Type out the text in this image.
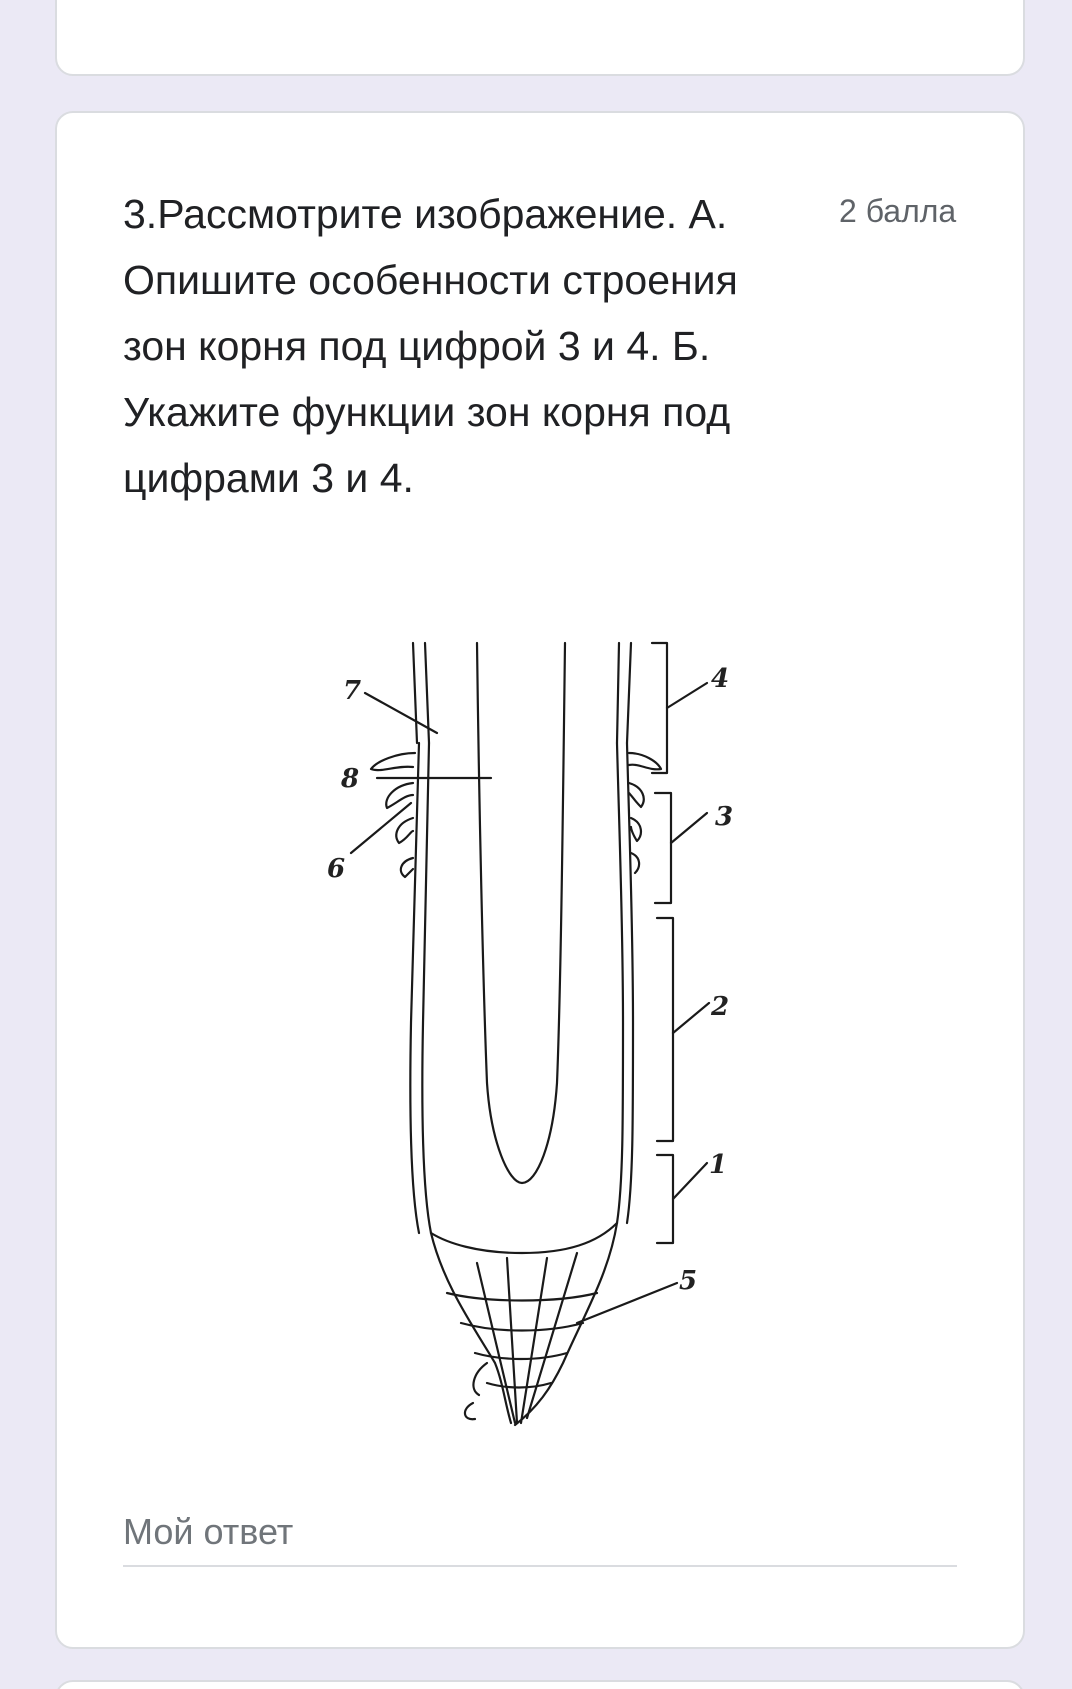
3.Рассмотрите изображение. А. Опишите особенности строения зон корня под цифрой 3 и 4. Б. Укажите функции зон корня под цифрами 3 и 4.

2 балла
7
8
6
4
3
2
1
5
Мой ответ
